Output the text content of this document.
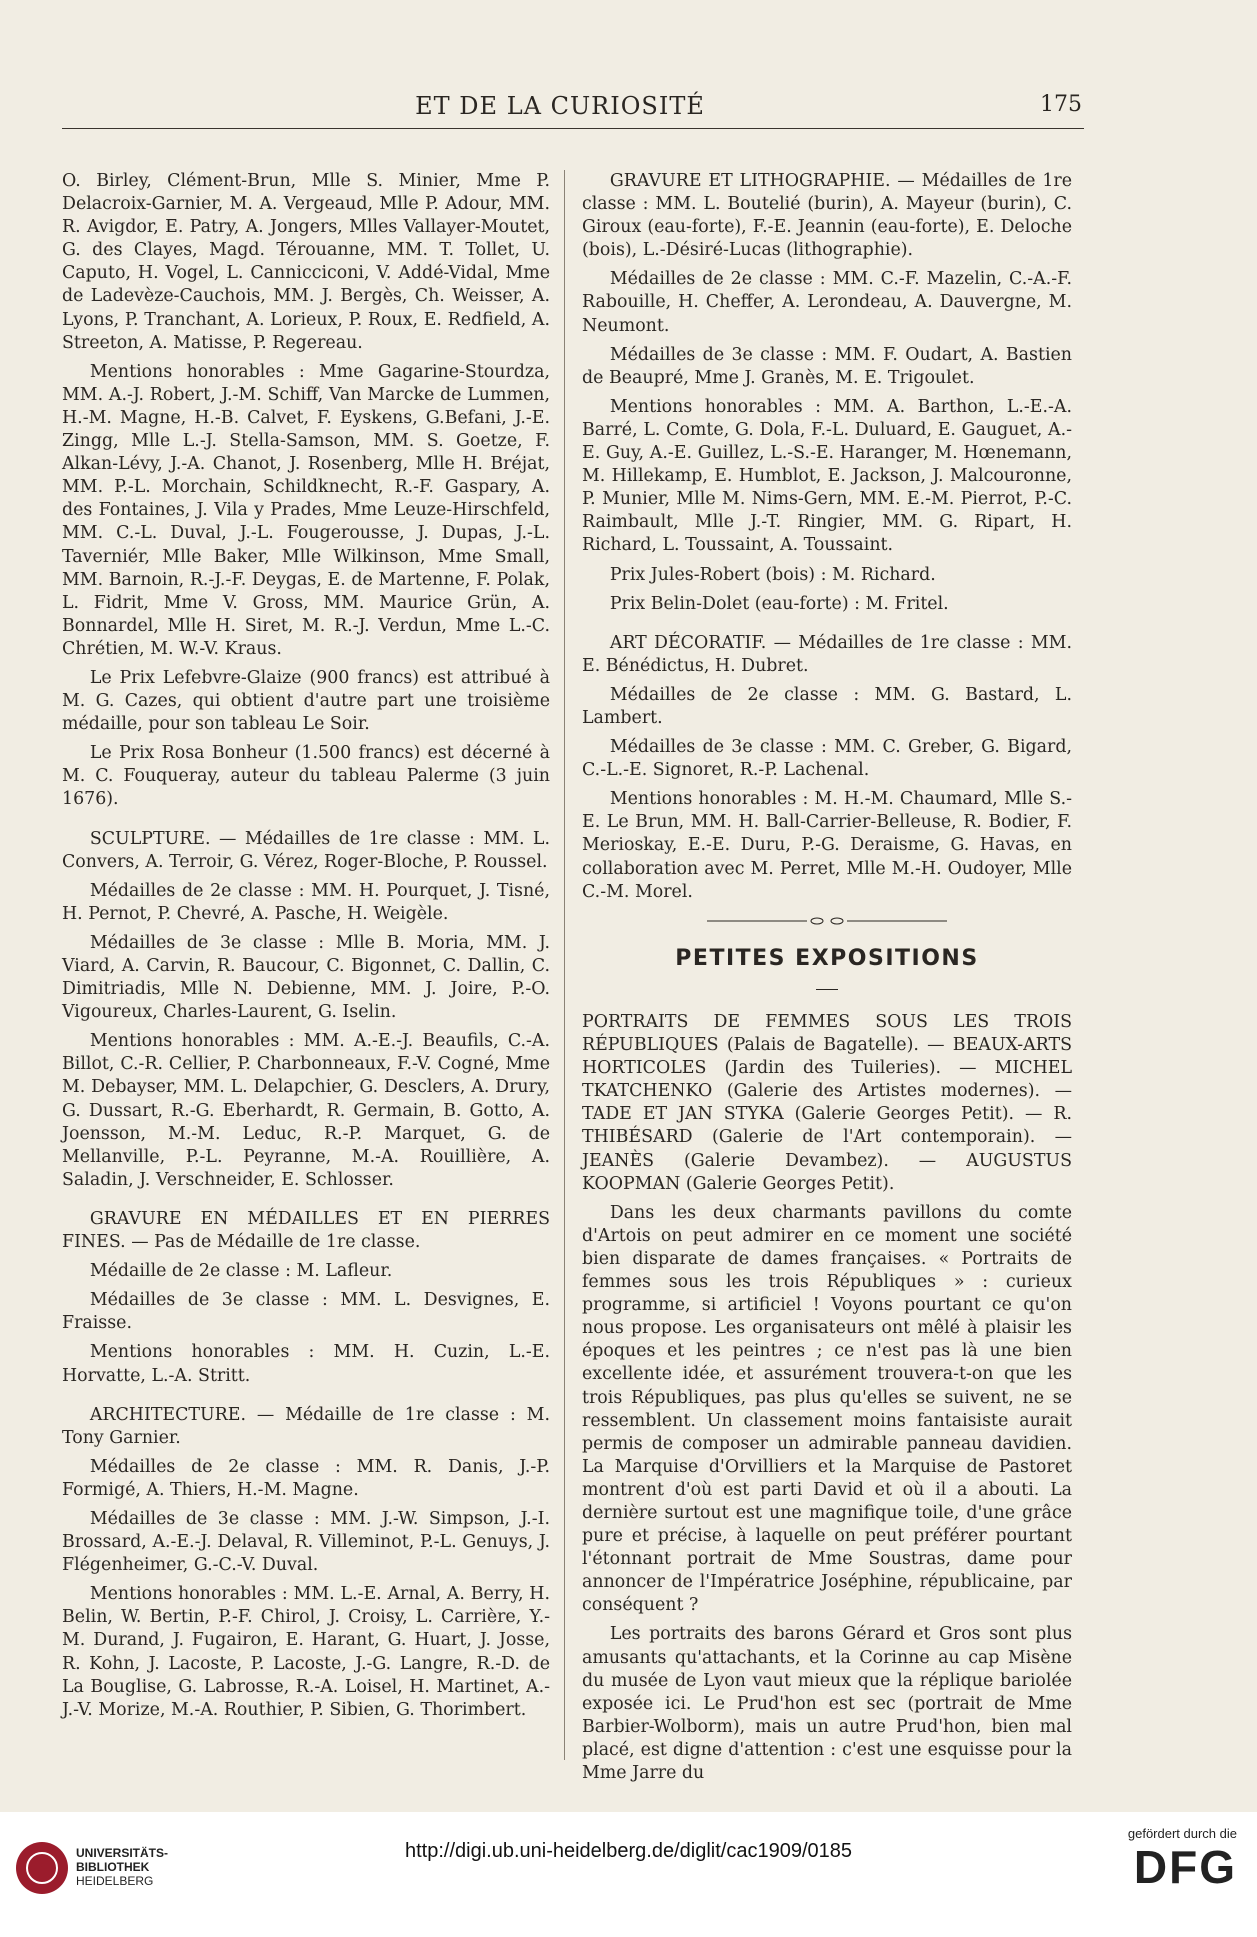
ET DE LA CURIOSITÉ	175

O. Birley, Clément-Brun, Mlle S. Minier, Mme P. Delacroix-Garnier, M. A. Vergeaud, Mlle P. Adour, MM. R. Avigdor, E. Patry, A. Jongers, Mlles Vallayer-Moutet, G. des Clayes, Magd. Térouanne, MM. T. Tollet, U. Caputo, H. Vogel, L. Cannicciconi, V. Addé-Vidal, Mme de Ladevèze-Cauchois, MM. J. Bergès, Ch. Weisser, A. Lyons, P. Tranchant, A. Lorieux, P. Roux, E. Redfield, A. Streeton, A. Matisse, P. Regereau.

Mentions honorables : Mme Gagarine-Stourdza, MM. A.-J. Robert, J.-M. Schiff, Van Marcke de Lummen, H.-M. Magne, H.-B. Calvet, F. Eyskens, G.Befani, J.-E. Zingg, Mlle L.-J. Stella-Samson, MM. S. Goetze, F. Alkan-Lévy, J.-A. Chanot, J. Rosenberg, Mlle H. Bréjat, MM. P.-L. Morchain, Schildknecht, R.-F. Gaspary, A. des Fontaines, J. Vila y Prades, Mme Leuze-Hirschfeld, MM. C.-L. Duval, J.-L. Fougerousse, J. Dupas, J.-L. Taverniér, Mlle Baker, Mlle Wilkinson, Mme Small, MM. Barnoin, R.-J.-F. Deygas, E. de Martenne, F. Polak, L. Fidrit, Mme V. Gross, MM. Maurice Grün, A. Bonnardel, Mlle H. Siret, M. R.-J. Verdun, Mme L.-C. Chrétien, M. W.-V. Kraus.

Le Prix Lefebvre-Glaize (900 francs) est attribué à M. G. Cazes, qui obtient d'autre part une troisième médaille, pour son tableau Le Soir.

Le Prix Rosa Bonheur (1.500 francs) est décerné à M. C. Fouqueray, auteur du tableau Palerme (3 juin 1676).

SCULPTURE. — Médailles de 1re classe : MM. L. Convers, A. Terroir, G. Vérez, Roger-Bloche, P. Roussel.

Médailles de 2e classe : MM. H. Pourquet, J. Tisné, H. Pernot, P. Chevré, A. Pasche, H. Weigèle.

Médailles de 3e classe : Mlle B. Moria, MM. J. Viard, A. Carvin, R. Baucour, C. Bigonnet, C. Dallin, C. Dimitriadis, Mlle N. Debienne, MM. J. Joire, P.-O. Vigoureux, Charles-Laurent, G. Iselin.

Mentions honorables : MM. A.-E.-J. Beaufils, C.-A. Billot, C.-R. Cellier, P. Charbonneaux, F.-V. Cogné, Mme M. Debayser, MM. L. Delapchier, G. Desclers, A. Drury, G. Dussart, R.-G. Eberhardt, R. Germain, B. Gotto, A. Joensson, M.-M. Leduc, R.-P. Marquet, G. de Mellanville, P.-L. Peyranne, M.-A. Rouillière, A. Saladin, J. Verschneider, E. Schlosser.

GRAVURE EN MÉDAILLES ET EN PIERRES FINES. — Pas de Médaille de 1re classe.

Médaille de 2e classe : M. Lafleur.

Médailles de 3e classe : MM. L. Desvignes, E. Fraisse.

Mentions honorables : MM. H. Cuzin, L.-E. Horvatte, L.-A. Stritt.

ARCHITECTURE. — Médaille de 1re classe : M. Tony Garnier.

Médailles de 2e classe : MM. R. Danis, J.-P. Formigé, A. Thiers, H.-M. Magne.

Médailles de 3e classe : MM. J.-W. Simpson, J.-I. Brossard, A.-E.-J. Delaval, R. Villeminot, P.-L. Genuys, J. Flégenheimer, G.-C.-V. Duval.

Mentions honorables : MM. L.-E. Arnal, A. Berry, H. Belin, W. Bertin, P.-F. Chirol, J. Croisy, L. Carrière, Y.-M. Durand, J. Fugairon, E. Harant, G. Huart, J. Josse, R. Kohn, J. Lacoste, P. Lacoste, J.-G. Langre, R.-D. de La Bouglise, G. Labrosse, R.-A. Loisel, H. Martinet, A.-J.-V. Morize, M.-A. Routhier, P. Sibien, G. Thorimbert.

GRAVURE ET LITHOGRAPHIE. — Médailles de 1re classe : MM. L. Boutelié (burin), A. Mayeur (burin), C. Giroux (eau-forte), F.-E. Jeannin (eau-forte), E. Deloche (bois), L.-Désiré-Lucas (lithographie).

Médailles de 2e classe : MM. C.-F. Mazelin, C.-A.-F. Rabouille, H. Cheffer, A. Lerondeau, A. Dauvergne, M. Neumont.

Médailles de 3e classe : MM. F. Oudart, A. Bastien de Beaupré, Mme J. Granès, M. E. Trigoulet.

Mentions honorables : MM. A. Barthon, L.-E.-A. Barré, L. Comte, G. Dola, F.-L. Duluard, E. Gauguet, A.-E. Guy, A.-E. Guillez, L.-S.-E. Haranger, M. Hœnemann, M. Hillekamp, E. Humblot, E. Jackson, J. Malcouronne, P. Munier, Mlle M. Nims-Gern, MM. E.-M. Pierrot, P.-C. Raimbault, Mlle J.-T. Ringier, MM. G. Ripart, H. Richard, L. Toussaint, A. Toussaint.

Prix Jules-Robert (bois) : M. Richard.

Prix Belin-Dolet (eau-forte) : M. Fritel.

ART DÉCORATIF. — Médailles de 1re classe : MM. E. Bénédictus, H. Dubret.

Médailles de 2e classe : MM. G. Bastard, L. Lambert.

Médailles de 3e classe : MM. C. Greber, G. Bigard, C.-L.-E. Signoret, R.-P. Lachenal.

Mentions honorables : M. H.-M. Chaumard, Mlle S.-E. Le Brun, MM. H. Ball-Carrier-Belleuse, R. Bodier, F. Merioskay, E.-E. Duru, P.-G. Deraisme, G. Havas, en collaboration avec M. Perret, Mlle M.-H. Oudoyer, Mlle C.-M. Morel.

PETITES EXPOSITIONS

PORTRAITS DE FEMMES SOUS LES TROIS RÉPUBLIQUES (Palais de Bagatelle). — BEAUX-ARTS HORTICOLES (Jardin des Tuileries). — MICHEL TKATCHENKO (Galerie des Artistes modernes). — TADE ET JAN STYKA (Galerie Georges Petit). — R. THIBÉSARD (Galerie de l'Art contemporain). — JEANÈS (Galerie Devambez). — AUGUSTUS KOOPMAN (Galerie Georges Petit).

Dans les deux charmants pavillons du comte d'Artois on peut admirer en ce moment une société bien disparate de dames françaises. « Portraits de femmes sous les trois Républiques » : curieux programme, si artificiel ! Voyons pourtant ce qu'on nous propose. Les organisateurs ont mêlé à plaisir les époques et les peintres ; ce n'est pas là une bien excellente idée, et assurément trouvera-t-on que les trois Républiques, pas plus qu'elles se suivent, ne se ressemblent. Un classement moins fantaisiste aurait permis de composer un admirable panneau davidien. La Marquise d'Orvilliers et la Marquise de Pastoret montrent d'où est parti David et où il a abouti. La dernière surtout est une magnifique toile, d'une grâce pure et précise, à laquelle on peut préférer pourtant l'étonnant portrait de Mme Soustras, dame pour annoncer de l'Impératrice Joséphine, républicaine, par conséquent ?

Les portraits des barons Gérard et Gros sont plus amusants qu'attachants, et la Corinne au cap Misène du musée de Lyon vaut mieux que la réplique bariolée exposée ici. Le Prud'hon est sec (portrait de Mme Barbier-Wolborm), mais un autre Prud'hon, bien mal placé, est digne d'attention : c'est une esquisse pour la Mme Jarre du

UNIVERSITÄTS-
BIBLIOTHEK
HEIDELBERG
http://digi.ub.uni-heidelberg.de/diglit/cac1909/0185
gefördert durch die
DFG
